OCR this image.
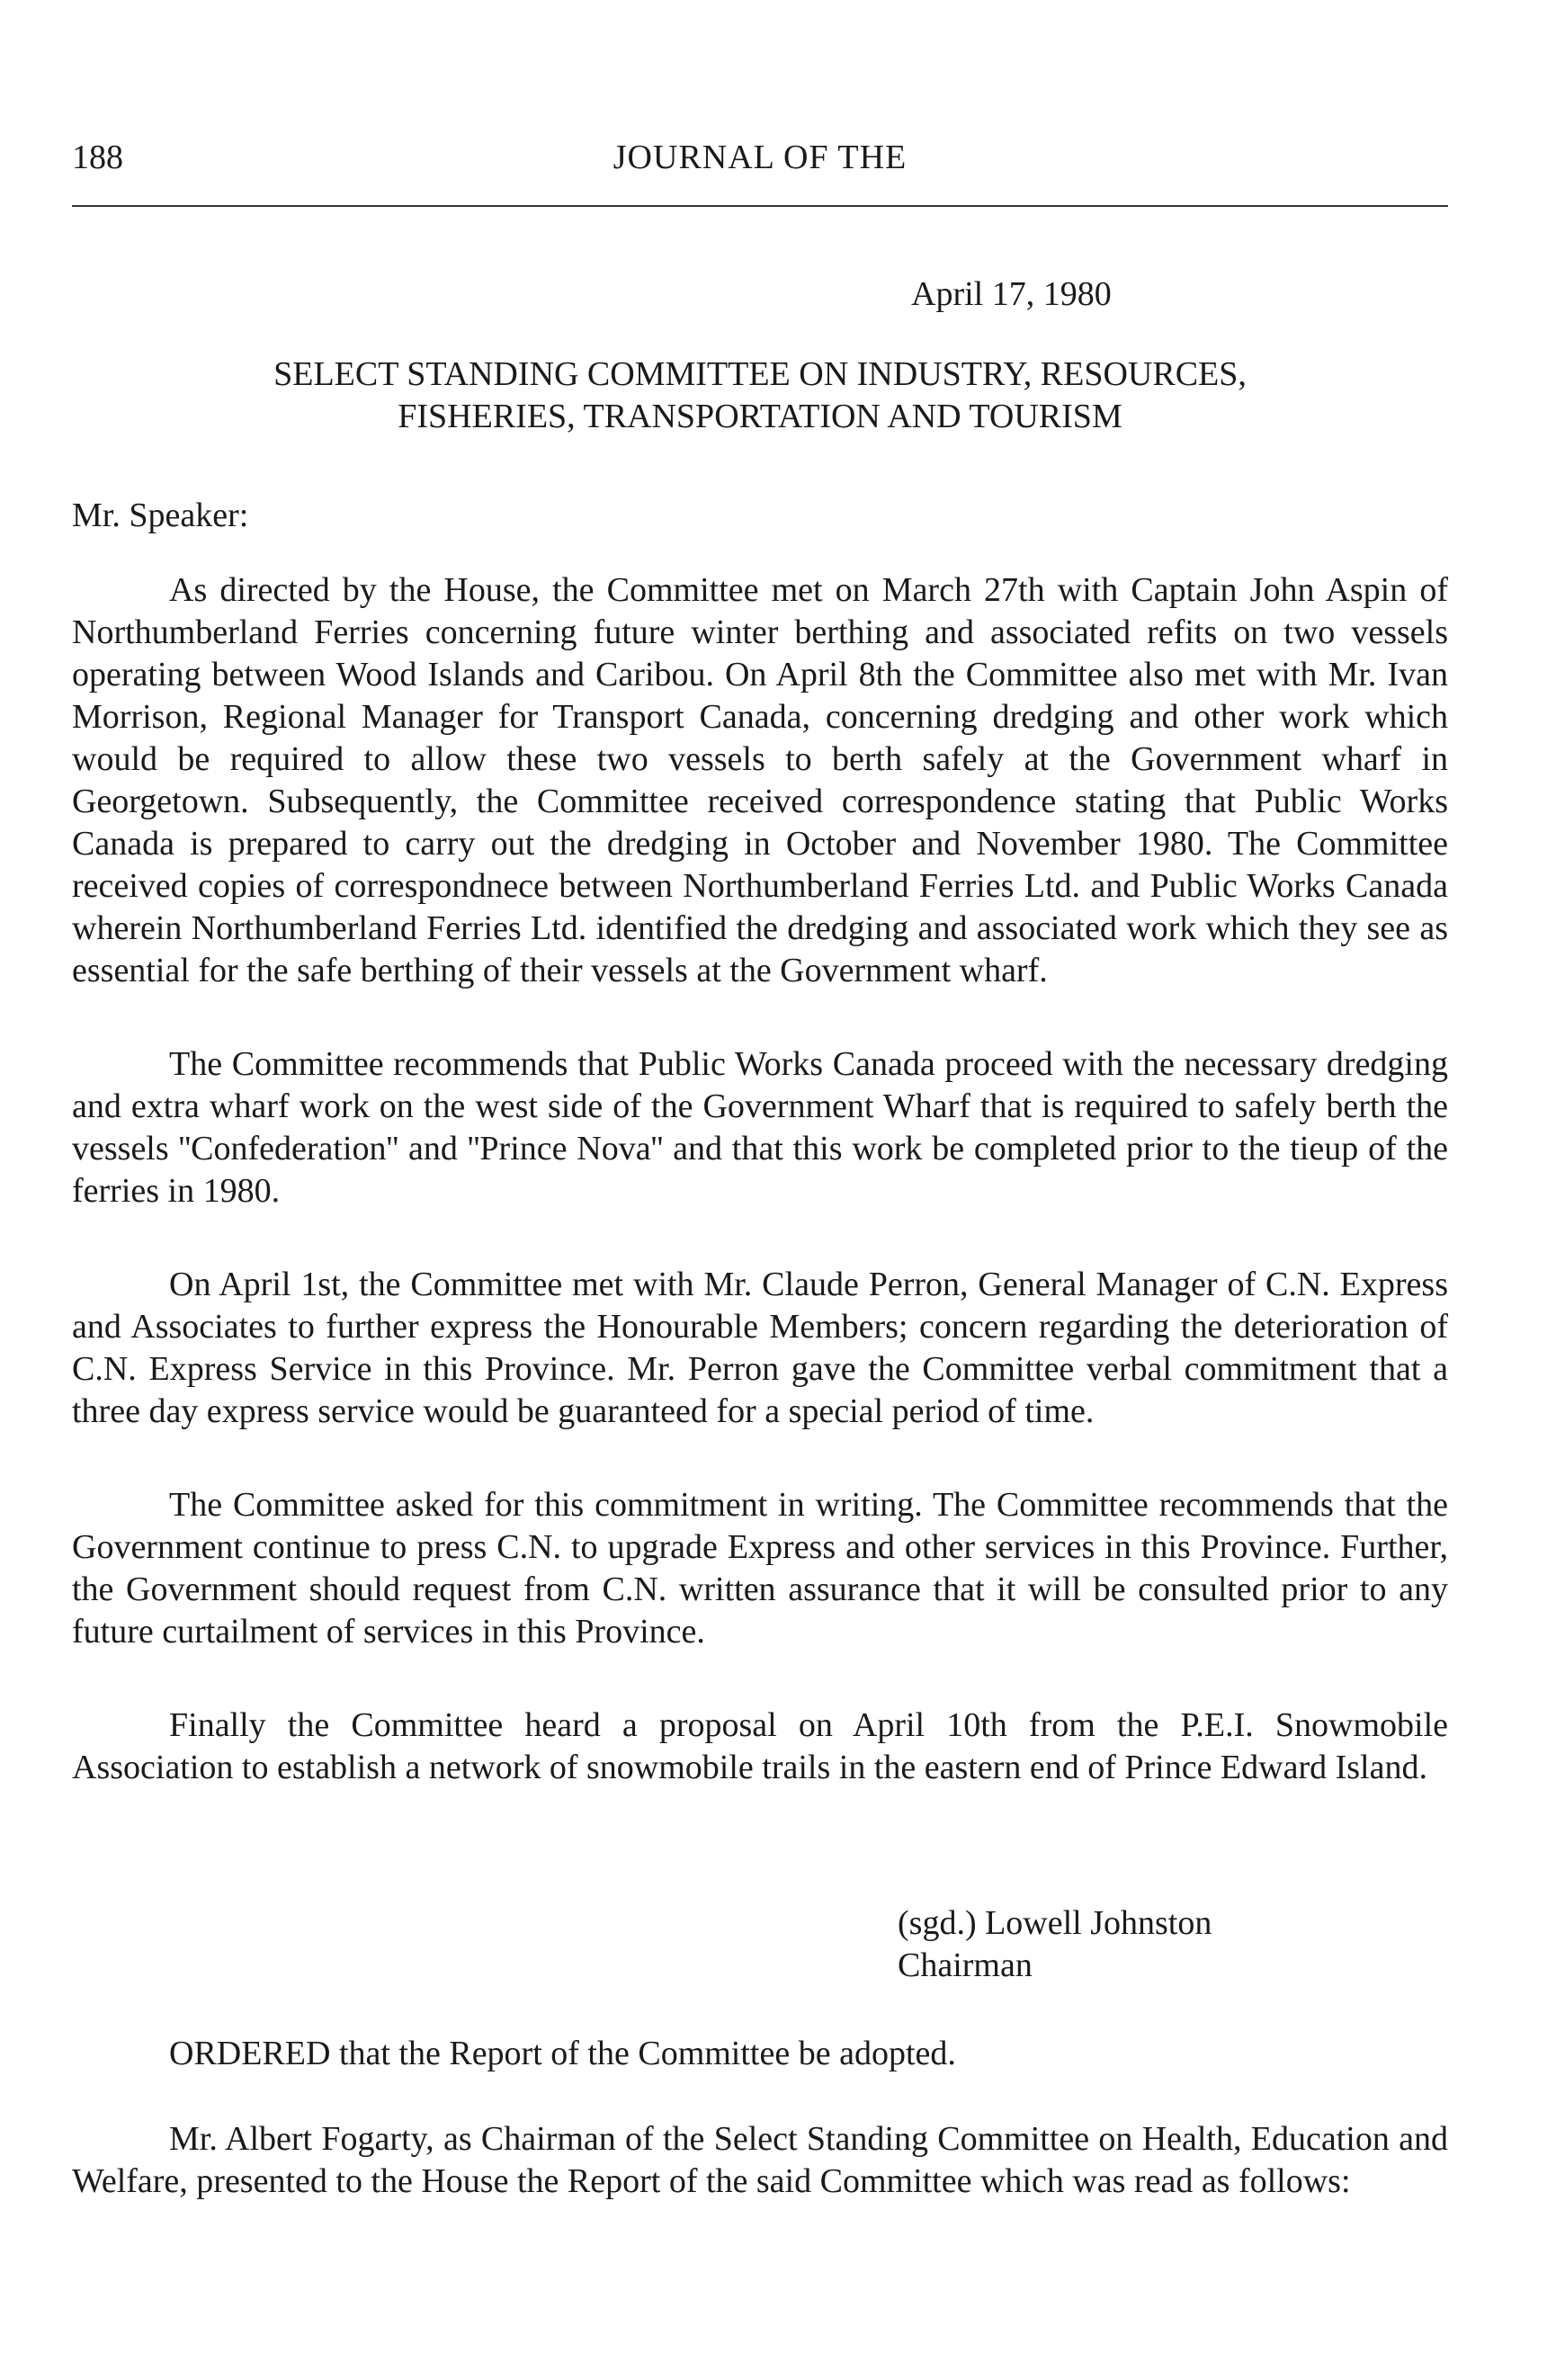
188	JOURNAL OF THE
April 17, 1980
SELECT STANDING COMMITTEE ON INDUSTRY, RESOURCES,
FISHERIES, TRANSPORTATION AND TOURISM
Mr. Speaker:

As directed by the House, the Committee met on March 27th with Captain John Aspin of Northumberland Ferries concerning future winter berthing and associated refits on two vessels operating between Wood Islands and Caribou. On April 8th the Committee also met with Mr. Ivan Morrison, Regional Manager for Transport Canada, concerning dredging and other work which would be required to allow these two vessels to berth safely at the Government wharf in Georgetown. Subsequently, the Committee received correspondence stating that Public Works Canada is prepared to carry out the dredging in October and November 1980. The Committee received copies of correspondnece between Northumberland Ferries Ltd. and Public Works Canada wherein Northumberland Ferries Ltd. identified the dredging and associated work which they see as essential for the safe berthing of their vessels at the Government wharf.

The Committee recommends that Public Works Canada proceed with the necessary dredging and extra wharf work on the west side of the Government Wharf that is required to safely berth the vessels ''Confederation'' and ''Prince Nova'' and that this work be completed prior to the tieup of the ferries in 1980.

On April 1st, the Committee met with Mr. Claude Perron, General Manager of C.N. Express and Associates to further express the Honourable Members; concern regarding the deterioration of C.N. Express Service in this Province. Mr. Perron gave the Committee verbal commitment that a three day express service would be guaranteed for a special period of time.

The Committee asked for this commitment in writing. The Committee recommends that the Government continue to press C.N. to upgrade Express and other services in this Province. Further, the Government should request from C.N. written assurance that it will be consulted prior to any future curtailment of services in this Province.

Finally the Committee heard a proposal on April 10th from the P.E.I. Snowmobile Association to establish a network of snowmobile trails in the eastern end of Prince Edward Island.

(sgd.) Lowell Johnston
Chairman
ORDERED that the Report of the Committee be adopted.

Mr. Albert Fogarty, as Chairman of the Select Standing Committee on Health, Education and Welfare, presented to the House the Report of the said Committee which was read as follows:
